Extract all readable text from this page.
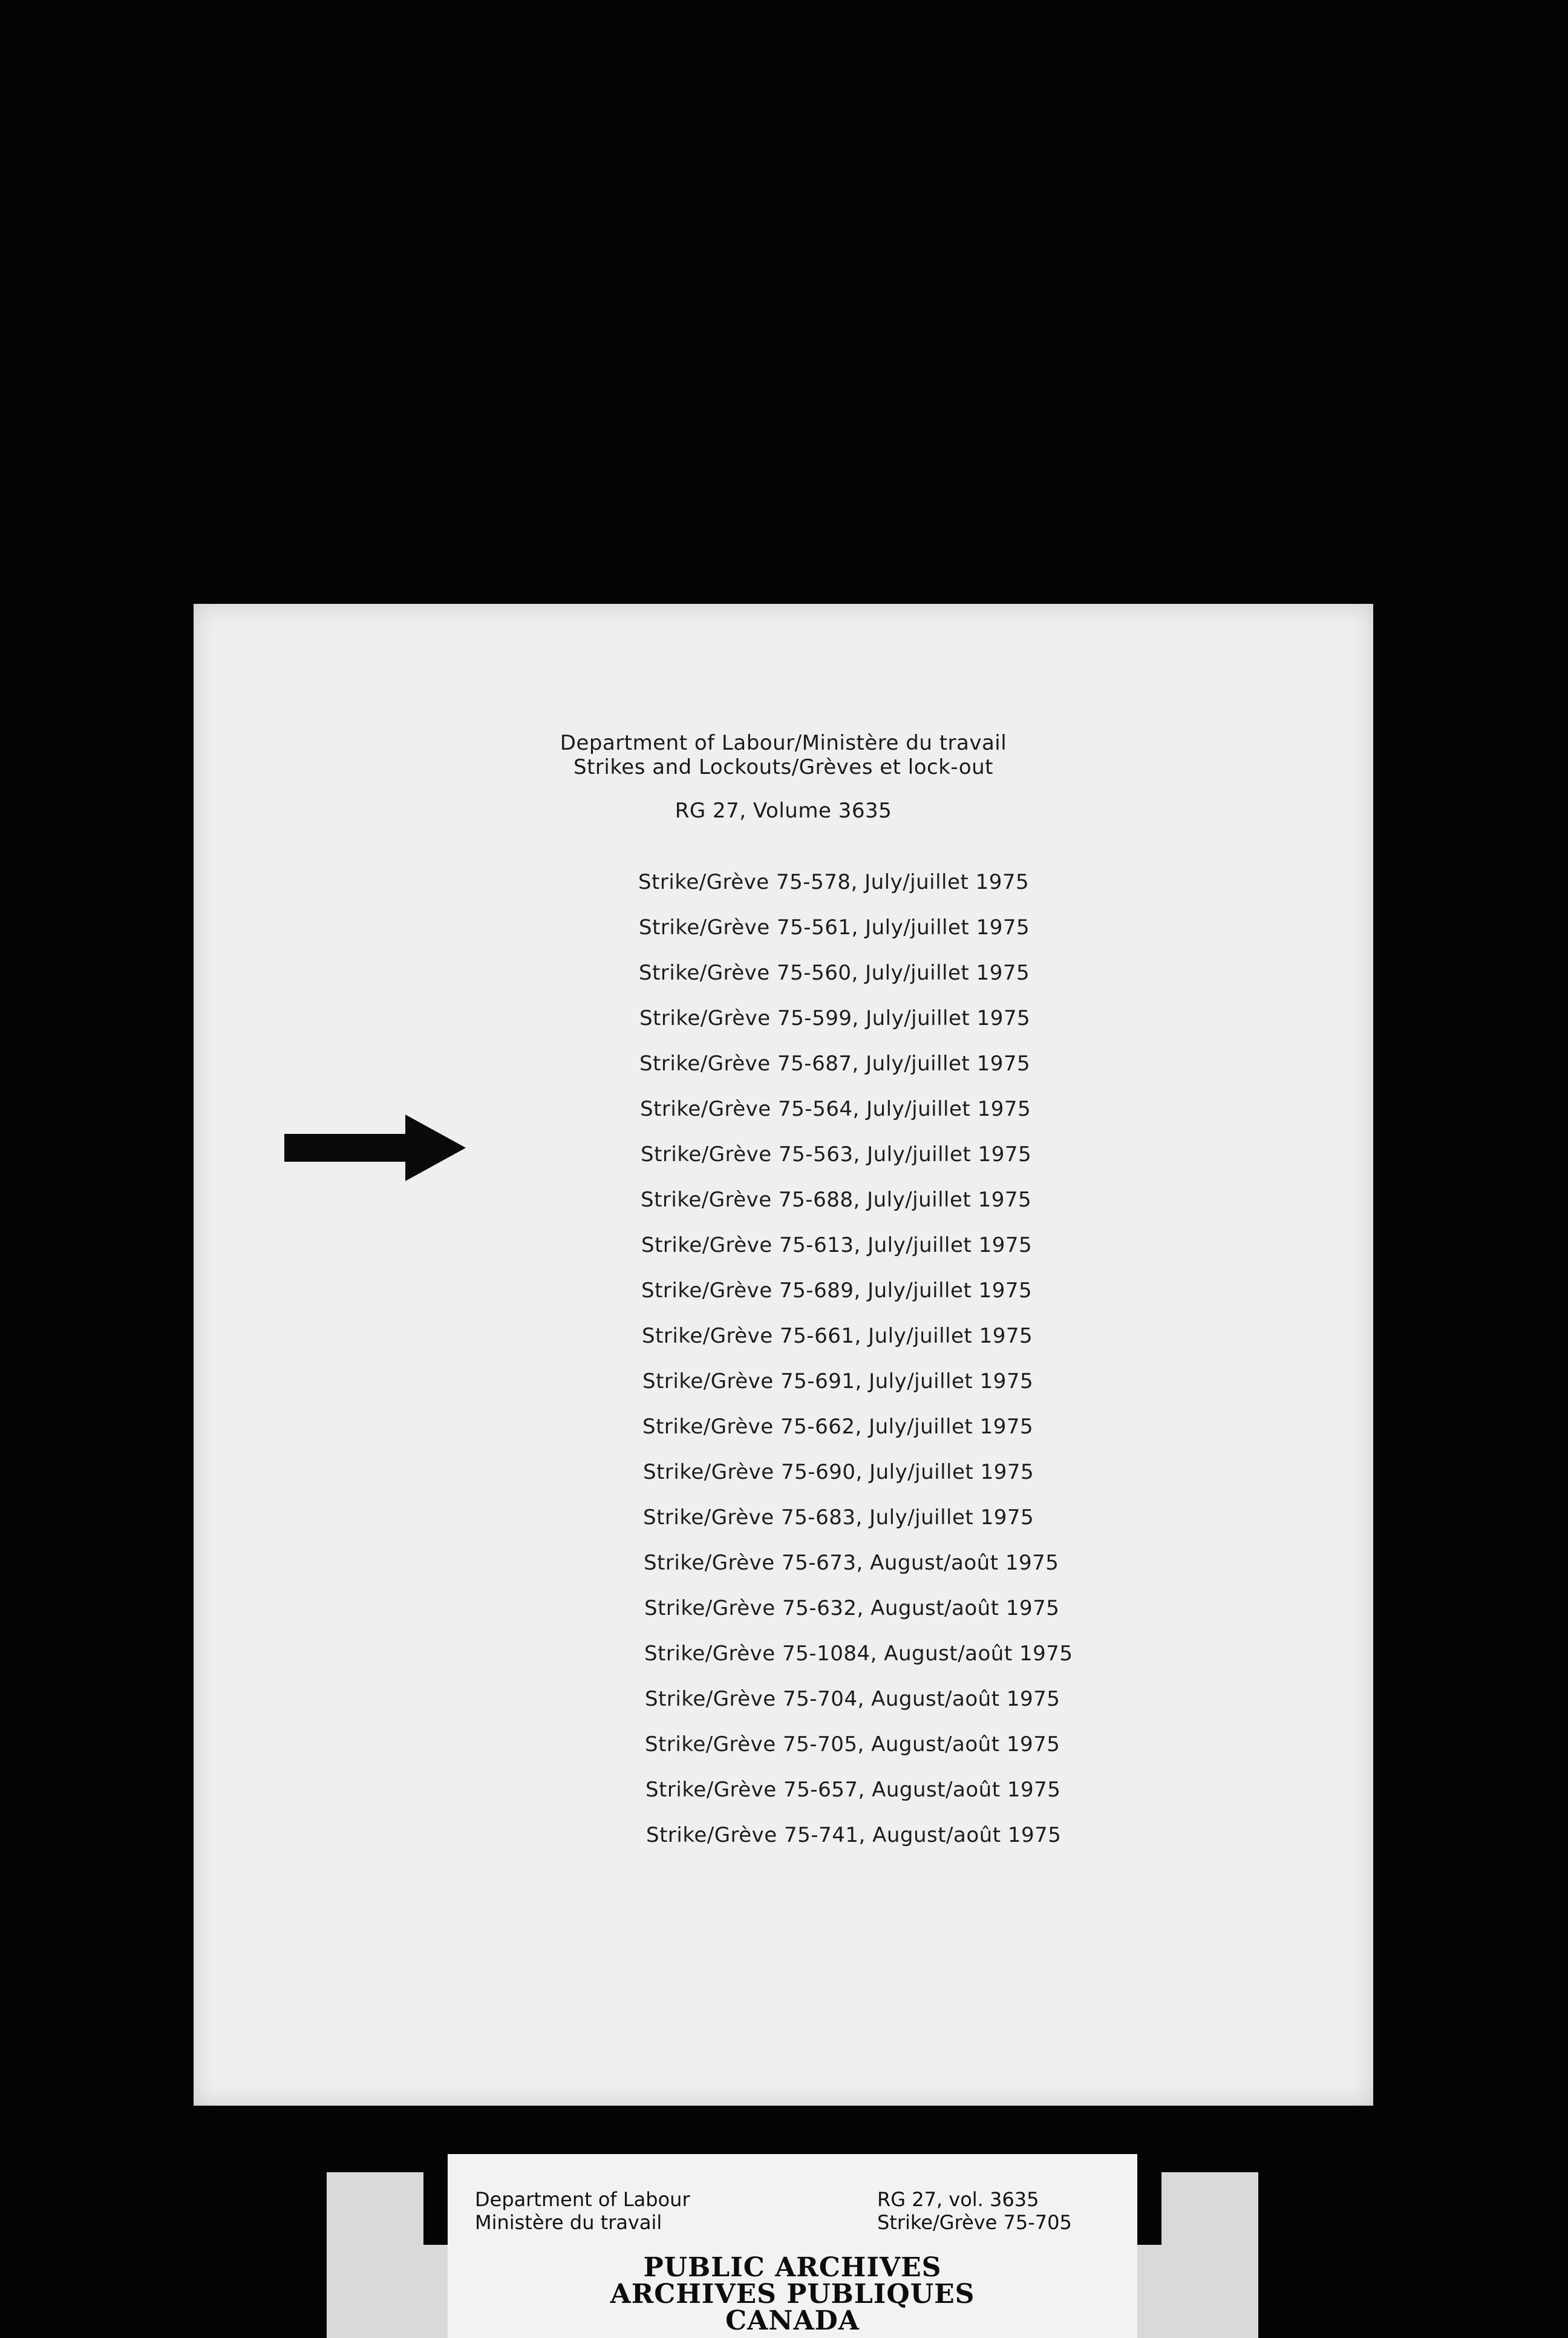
Department of Labour/Ministère du travail
Strikes and Lockouts/Grèves et lock-out
RG 27, Volume 3635
Strike/Grève 75-578, July/juillet 1975
Strike/Grève 75-561, July/juillet 1975
Strike/Grève 75-560, July/juillet 1975
Strike/Grève 75-599, July/juillet 1975
Strike/Grève 75-687, July/juillet 1975
Strike/Grève 75-564, July/juillet 1975
Strike/Grève 75-563, July/juillet 1975
Strike/Grève 75-688, July/juillet 1975
Strike/Grève 75-613, July/juillet 1975
Strike/Grève 75-689, July/juillet 1975
Strike/Grève 75-661, July/juillet 1975
Strike/Grève 75-691, July/juillet 1975
Strike/Grève 75-662, July/juillet 1975
Strike/Grève 75-690, July/juillet 1975
Strike/Grève 75-683, July/juillet 1975
Strike/Grève 75-673, August/août 1975
Strike/Grève 75-632, August/août 1975
Strike/Grève 75-1084, August/août 1975
Strike/Grève 75-704, August/août 1975
Strike/Grève 75-705, August/août 1975
Strike/Grève 75-657, August/août 1975
Strike/Grève 75-741, August/août 1975
Department of Labour
Ministère du travail
RG 27, vol. 3635
Strike/Grève 75-705
PUBLIC ARCHIVES
ARCHIVES PUBLIQUES
CANADA
